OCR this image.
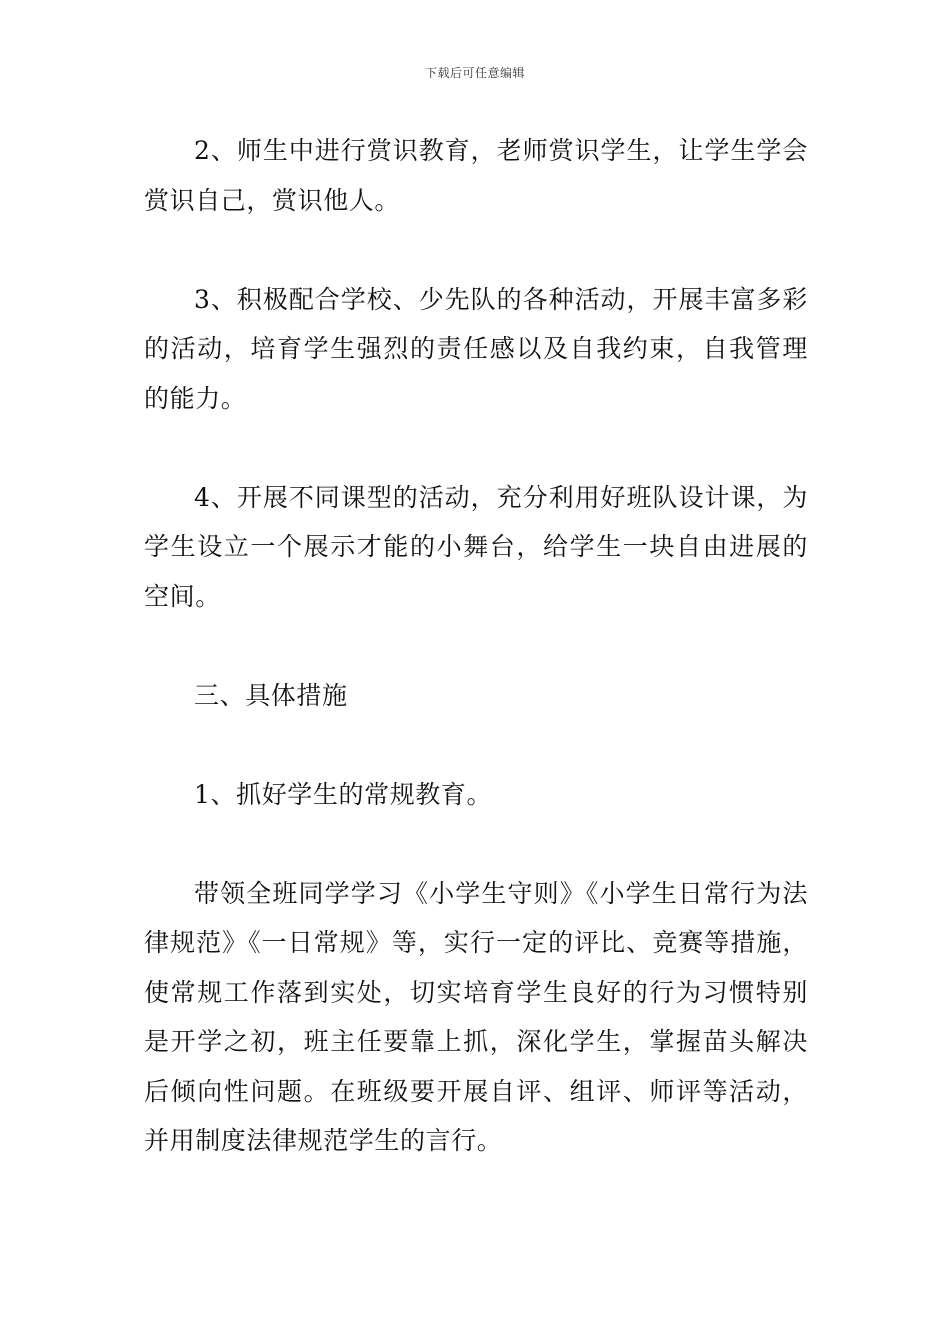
下载后可任意编辑

2、师生中进行赏识教育，老师赏识学生，让学生学会赏识自己，赏识他人。

3、积极配合学校、少先队的各种活动，开展丰富多彩的活动，培育学生强烈的责任感以及自我约束，自我管理的能力。

4、开展不同课型的活动，充分利用好班队设计课，为学生设立一个展示才能的小舞台，给学生一块自由进展的空间。

三、具体措施

1、抓好学生的常规教育。

带领全班同学学习《小学生守则》《小学生日常行为法律规范》《一日常规》等，实行一定的评比、竞赛等措施，使常规工作落到实处，切实培育学生良好的行为习惯特别是开学之初，班主任要靠上抓，深化学生，掌握苗头解决后倾向性问题。在班级要开展自评、组评、师评等活动，并用制度法律规范学生的言行。
